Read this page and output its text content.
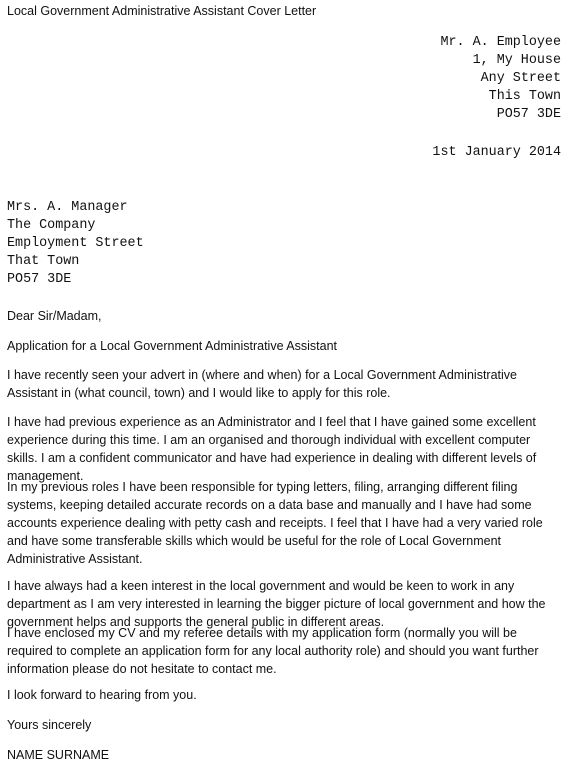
Local Government Administrative Assistant Cover Letter
Mr. A. Employee
1, My House
Any Street
This Town
PO57 3DE
1st January 2014
Mrs. A. Manager
The Company
Employment Street
That Town
PO57 3DE

Dear Sir/Madam,

Application for a Local Government Administrative Assistant

I have recently seen your advert in (where and when) for a Local Government Administrative Assistant in (what council, town) and I would like to apply for this role.

I have had previous experience as an Administrator and I feel that I have gained some excellent experience during this time. I am an organised and thorough individual with excellent computer skills. I am a confident communicator and have had experience in dealing with different levels of management.

In my previous roles I have been responsible for typing letters, filing, arranging different filing systems, keeping detailed accurate records on a data base and manually and I have had some accounts experience dealing with petty cash and receipts. I feel that I have had a very varied role and have some transferable skills which would be useful for the role of Local Government Administrative Assistant.

I have always had a keen interest in the local government and would be keen to work in any department as I am very interested in learning the bigger picture of local government and how the government helps and supports the general public in different areas.

I have enclosed my CV and my referee details with my application form (normally you will be required to complete an application form for any local authority role) and should you want further information please do not hesitate to contact me.

I look forward to hearing from you.

Yours sincerely

NAME SURNAME
